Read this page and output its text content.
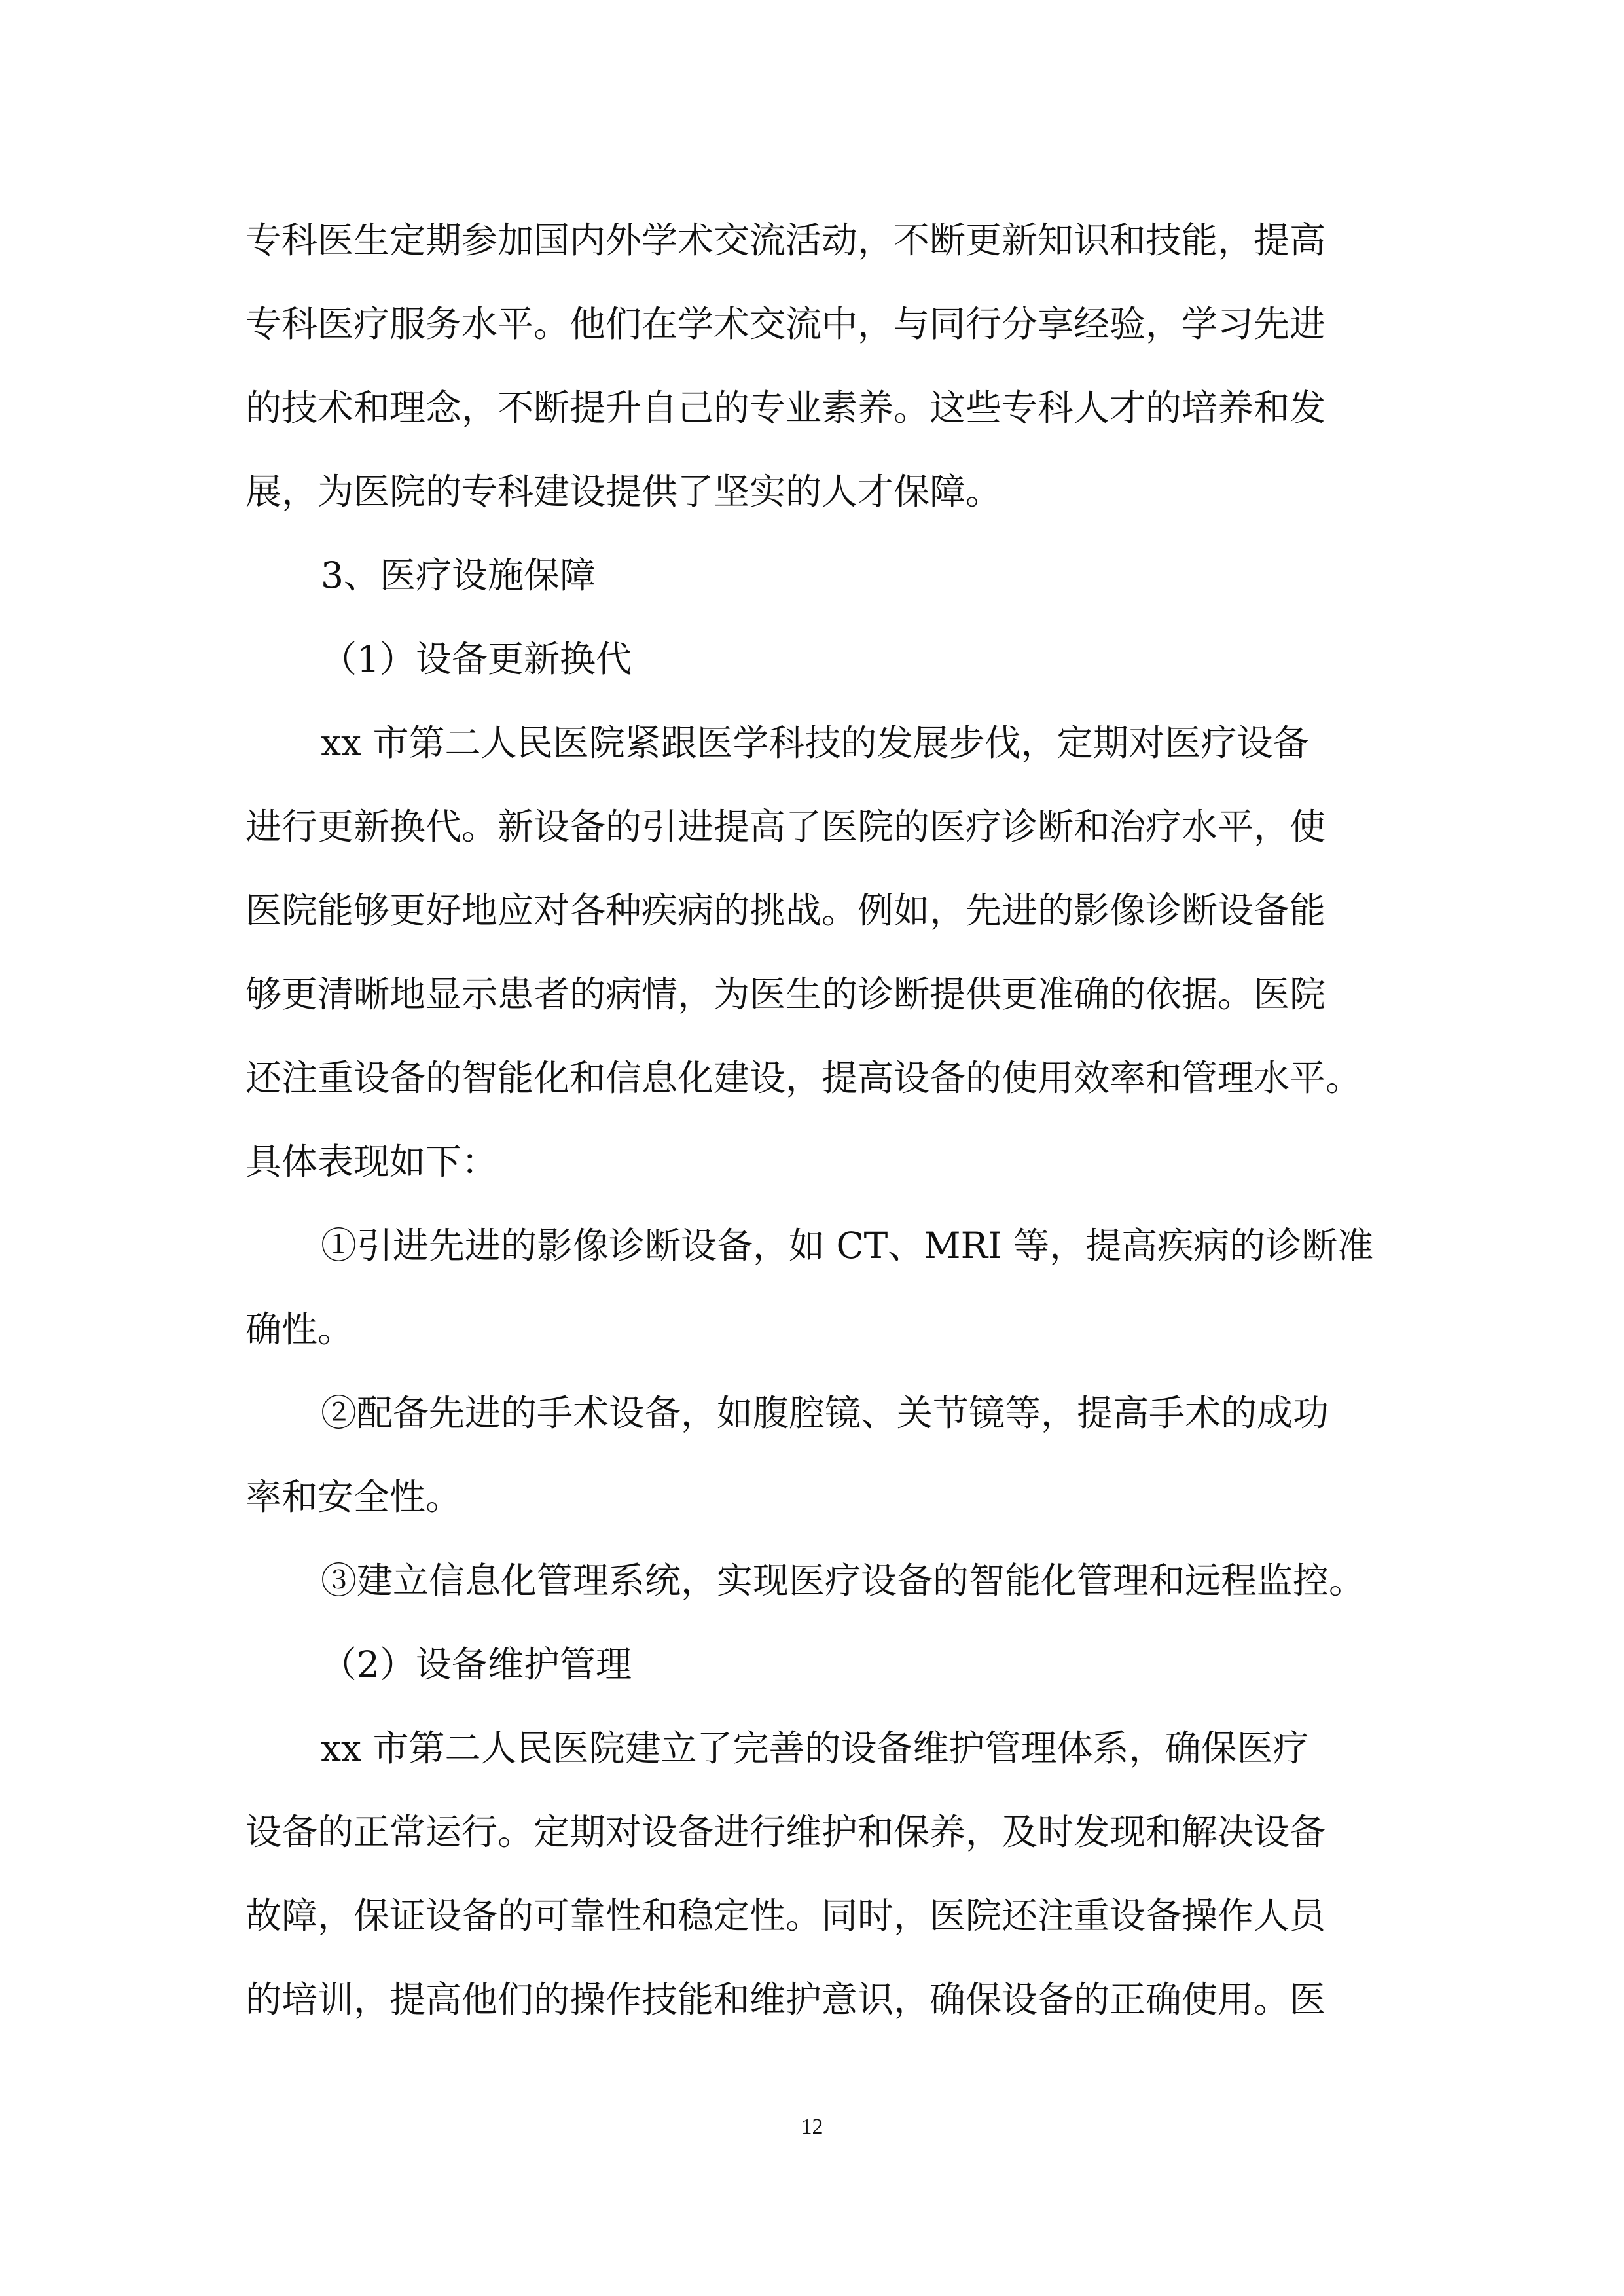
专科医生定期参加国内外学术交流活动，不断更新知识和技能，提高
专科医疗服务水平。他们在学术交流中，与同行分享经验，学习先进
的技术和理念，不断提升自己的专业素养。这些专科人才的培养和发
展，为医院的专科建设提供了坚实的人才保障。
3、医疗设施保障
（1）设备更新换代
xx 市第二人民医院紧跟医学科技的发展步伐，定期对医疗设备
进行更新换代。新设备的引进提高了医院的医疗诊断和治疗水平，使
医院能够更好地应对各种疾病的挑战。例如，先进的影像诊断设备能
够更清晰地显示患者的病情，为医生的诊断提供更准确的依据。医院
还注重设备的智能化和信息化建设，提高设备的使用效率和管理水平。
具体表现如下：
①引进先进的影像诊断设备，如 CT、MRI 等，提高疾病的诊断准
确性。
②配备先进的手术设备，如腹腔镜、关节镜等，提高手术的成功
率和安全性。
③建立信息化管理系统，实现医疗设备的智能化管理和远程监控。
（2）设备维护管理
xx 市第二人民医院建立了完善的设备维护管理体系，确保医疗
设备的正常运行。定期对设备进行维护和保养，及时发现和解决设备
故障，保证设备的可靠性和稳定性。同时，医院还注重设备操作人员
的培训，提高他们的操作技能和维护意识，确保设备的正确使用。医
12
